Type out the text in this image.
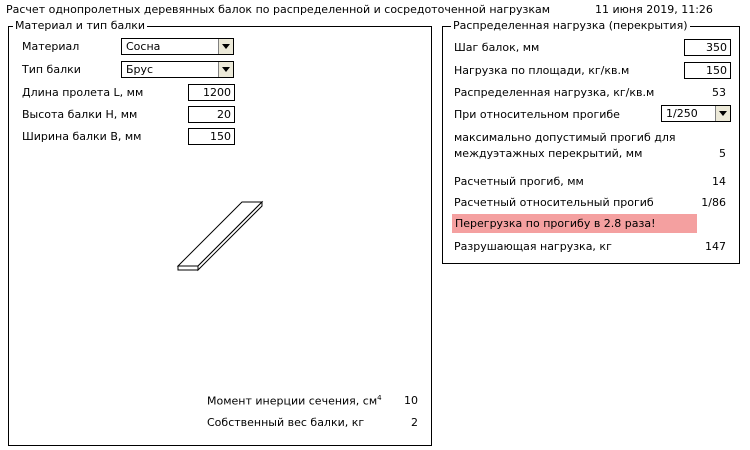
Расчет однопролетных деревянных балок по распределенной и сосредоточенной нагрузкам	11 июня 2019, 11:26
Материал и тип балки
Материал	Сосна
Тип балки	Брус
Длина пролета L, мм	1200
Высота балки H, мм	20
Ширина балки B, мм	150
Момент инерции сечения, $см^4$	10
Собственный вес балки, кг	2
Распределенная нагрузка (перекрытия)
Шаг балок, мм	350
Нагрузка по площади, кг/кв.м	150
Распределенная нагрузка, кг/кв.м	53
При относительном прогибе	1/250
максимально допустимый прогиб для
междуэтажных перекрытий, мм	5
Расчетный прогиб, мм	14
Расчетный относительный прогиб	1/86
Перегрузка по прогибу в 2.8 раза!
Разрушающая нагрузка, кг	147
